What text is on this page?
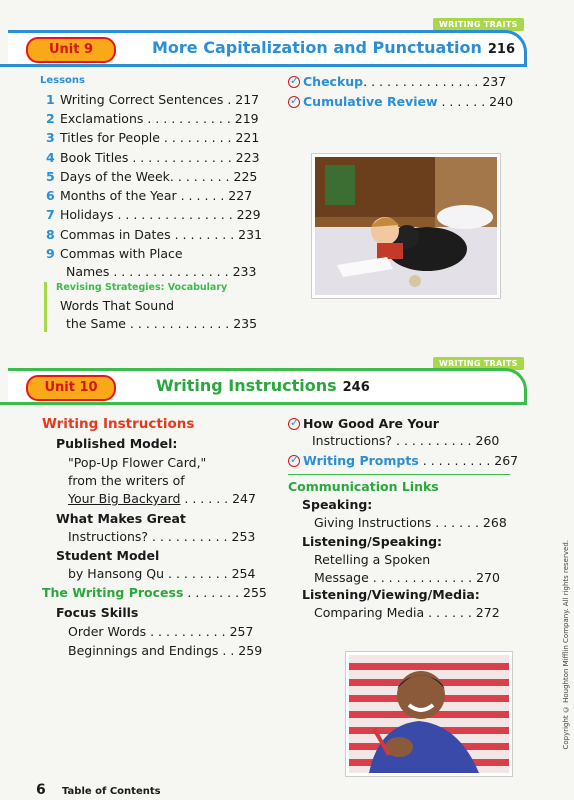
WRITING TRAITS
Unit 9	More Capitalization and Punctuation 216
Lessons
1 Writing Correct Sentences . 217
2 Exclamations . . . . . . . . . . . 219
3 Titles for People . . . . . . . . . 221
4 Book Titles . . . . . . . . . . . . . 223
5 Days of the Week. . . . . . . . 225
6 Months of the Year . . . . . . 227
7 Holidays . . . . . . . . . . . . . . . 229
8 Commas in Dates . . . . . . . . 231
9 Commas with Place
Names . . . . . . . . . . . . . . . 233
Revising Strategies: Vocabulary
Words That Sound
the Same . . . . . . . . . . . . . 235
✓Checkup. . . . . . . . . . . . . . . 237
✓Cumulative Review . . . . . . 240
WRITING TRAITS
Unit 10	Writing Instructions 246
Writing Instructions
Published Model:
"Pop-Up Flower Card,"
from the writers of
Your Big Backyard . . . . . . 247
What Makes Great
Instructions? . . . . . . . . . . 253
Student Model
by Hansong Qu . . . . . . . . 254
The Writing Process . . . . . . . 255
Focus Skills
Order Words . . . . . . . . . . 257
Beginnings and Endings . . 259
✓How Good Are Your
Instructions? . . . . . . . . . . 260
✓Writing Prompts . . . . . . . . . 267
Communication Links
Speaking:
Giving Instructions . . . . . . 268
Listening/Speaking:
Retelling a Spoken
Message . . . . . . . . . . . . . 270
Listening/Viewing/Media:
Comparing Media . . . . . . 272
6 Table of Contents
Copyright © Houghton Mifflin Company. All rights reserved.
